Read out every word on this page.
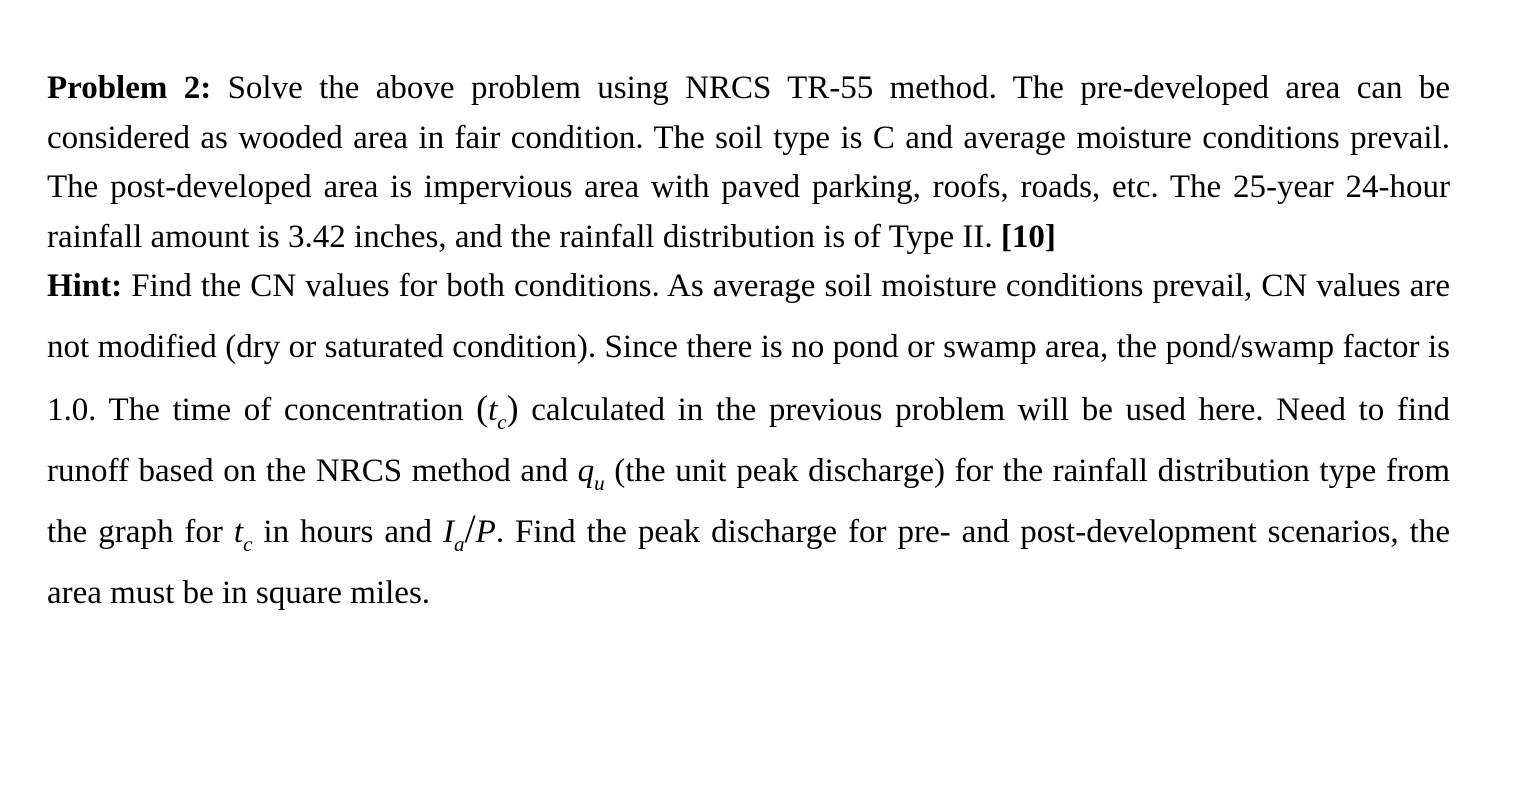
Problem 2: Solve the above problem using NRCS TR-55 method. The pre-developed area can be considered as wooded area in fair condition. The soil type is C and average moisture conditions prevail. The post-developed area is impervious area with paved parking, roofs, roads, etc. The 25-year 24-hour rainfall amount is 3.42 inches, and the rainfall distribution is of Type II. [10]

Hint: Find the CN values for both conditions. As average soil moisture conditions prevail, CN values are not modified (dry or saturated condition). Since there is no pond or swamp area, the pond/swamp factor is 1.0. The time of concentration $(t_c)$ calculated in the previous problem will be used here. Need to find runoff based on the NRCS method and $q_u$ (the unit peak discharge) for the rainfall distribution type from the graph for $t_c$ in hours and $I_a/P$. Find the peak discharge for pre- and post-development scenarios, the area must be in square miles.
